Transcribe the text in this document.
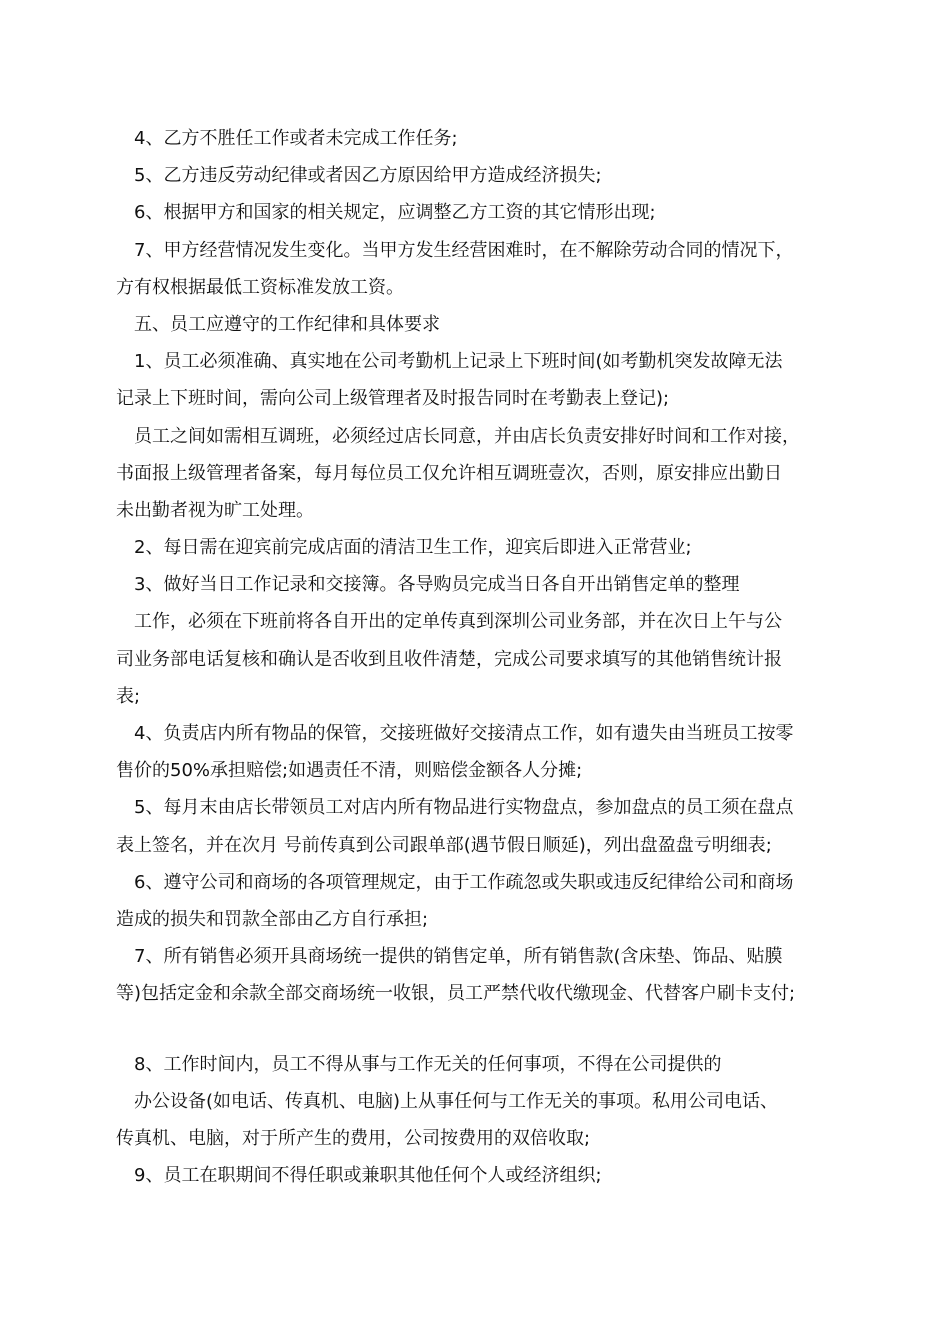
4、乙方不胜任工作或者未完成工作任务;
5、乙方违反劳动纪律或者因乙方原因给甲方造成经济损失;
6、根据甲方和国家的相关规定，应调整乙方工资的其它情形出现;
7、甲方经营情况发生变化。当甲方发生经营困难时，在不解除劳动合同的情况下，
方有权根据最低工资标准发放工资。
五、员工应遵守的工作纪律和具体要求
1、员工必须准确、真实地在公司考勤机上记录上下班时间(如考勤机突发故障无法
记录上下班时间，需向公司上级管理者及时报告同时在考勤表上登记);
员工之间如需相互调班，必须经过店长同意，并由店长负责安排好时间和工作对接，
书面报上级管理者备案，每月每位员工仅允许相互调班壹次，否则，原安排应出勤日
未出勤者视为旷工处理。
2、每日需在迎宾前完成店面的清洁卫生工作，迎宾后即进入正常营业;
3、做好当日工作记录和交接簿。各导购员完成当日各自开出销售定单的整理
工作，必须在下班前将各自开出的定单传真到深圳公司业务部，并在次日上午与公
司业务部电话复核和确认是否收到且收件清楚，完成公司要求填写的其他销售统计报
表;
4、负责店内所有物品的保管，交接班做好交接清点工作，如有遗失由当班员工按零
售价的50%承担赔偿;如遇责任不清，则赔偿金额各人分摊;
5、每月末由店长带领员工对店内所有物品进行实物盘点，参加盘点的员工须在盘点
表上签名，并在次月 号前传真到公司跟单部(遇节假日顺延)，列出盘盈盘亏明细表;
6、遵守公司和商场的各项管理规定，由于工作疏忽或失职或违反纪律给公司和商场
造成的损失和罚款全部由乙方自行承担;
7、所有销售必须开具商场统一提供的销售定单，所有销售款(含床垫、饰品、贴膜
等)包括定金和余款全部交商场统一收银，员工严禁代收代缴现金、代替客户刷卡支付;
8、工作时间内，员工不得从事与工作无关的任何事项，不得在公司提供的
办公设备(如电话、传真机、电脑)上从事任何与工作无关的事项。私用公司电话、
传真机、电脑，对于所产生的费用，公司按费用的双倍收取;
9、员工在职期间不得任职或兼职其他任何个人或经济组织;
